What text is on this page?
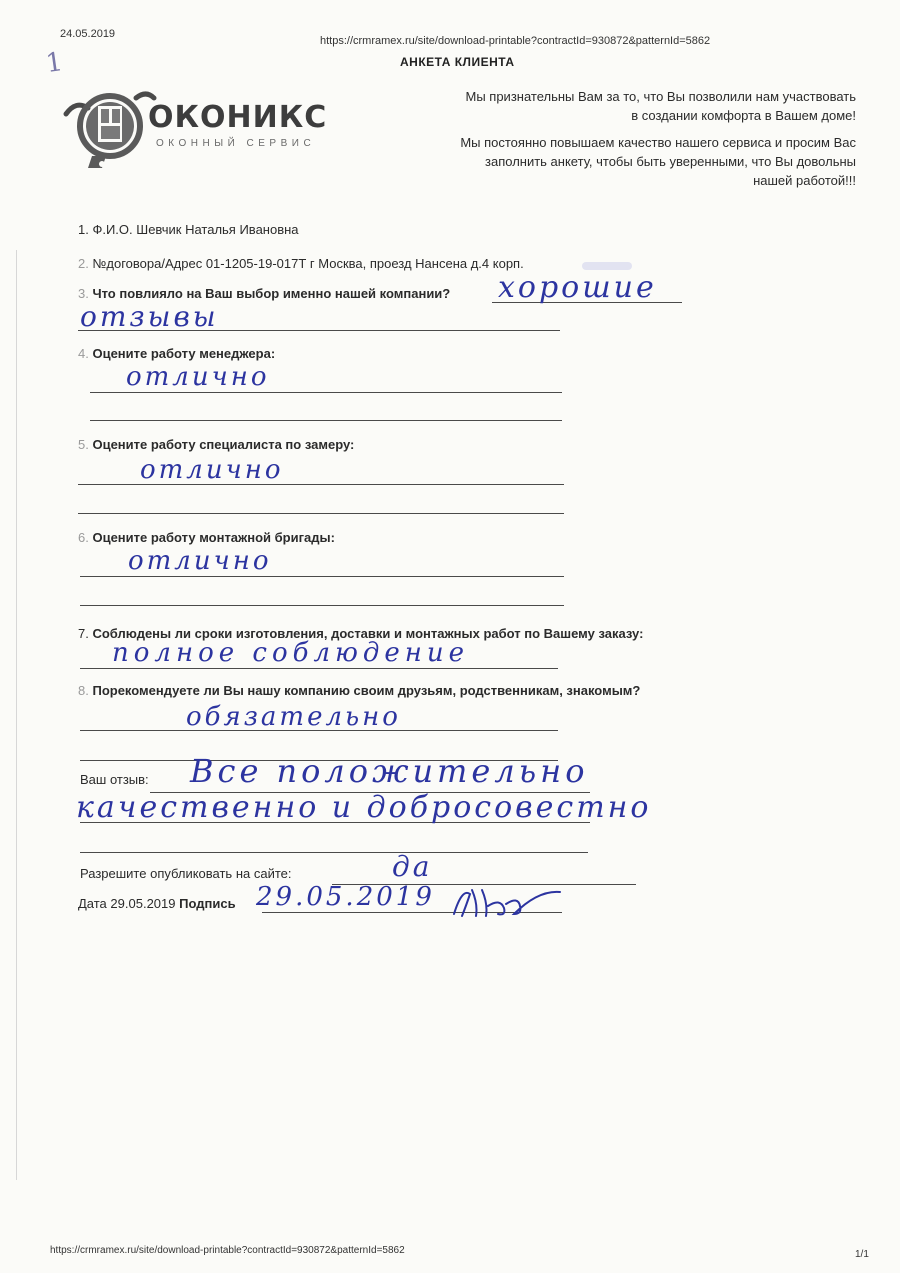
24.05.2019
https://crmramex.ru/site/download-printable?contractId=930872&patternId=5862
АНКЕТА КЛИЕНТА
1
ОКОНИКС
ОКОННЫЙ СЕРВИС

Мы признательны Вам за то, что Вы позволили нам участвовать в создании комфорта в Вашем доме!

Мы постоянно повышаем качество нашего сервиса и просим Вас заполнить анкету, чтобы быть уверенными, что Вы довольны нашей работой!!!

1. Ф.И.О. Шевчик Наталья Ивановна
2. №договора/Адрес 01-1205-19-017Т г Москва, проезд Нансена д.4 корп.
3. Что повлияло на Ваш выбор именно нашей компании? хорошие
отзывы
4. Оцените работу менеджера:
отлично
5. Оцените работу специалиста по замеру:
отлично
6. Оцените работу монтажной бригады:
отлично
7. Соблюдены ли сроки изготовления, доставки и монтажных работ по Вашему заказу:
полное соблюдение
8. Порекомендуете ли Вы нашу компанию своим друзьям, родственникам, знакомым?
обязательно
Ваш отзыв: Все положительно
качественно и добросовестно
Разрешите опубликовать на сайте:	да
Дата 29.05.2019 Подпись 29.05.2019
https://crmramex.ru/site/download-printable?contractId=930872&patternId=5862	1/1
